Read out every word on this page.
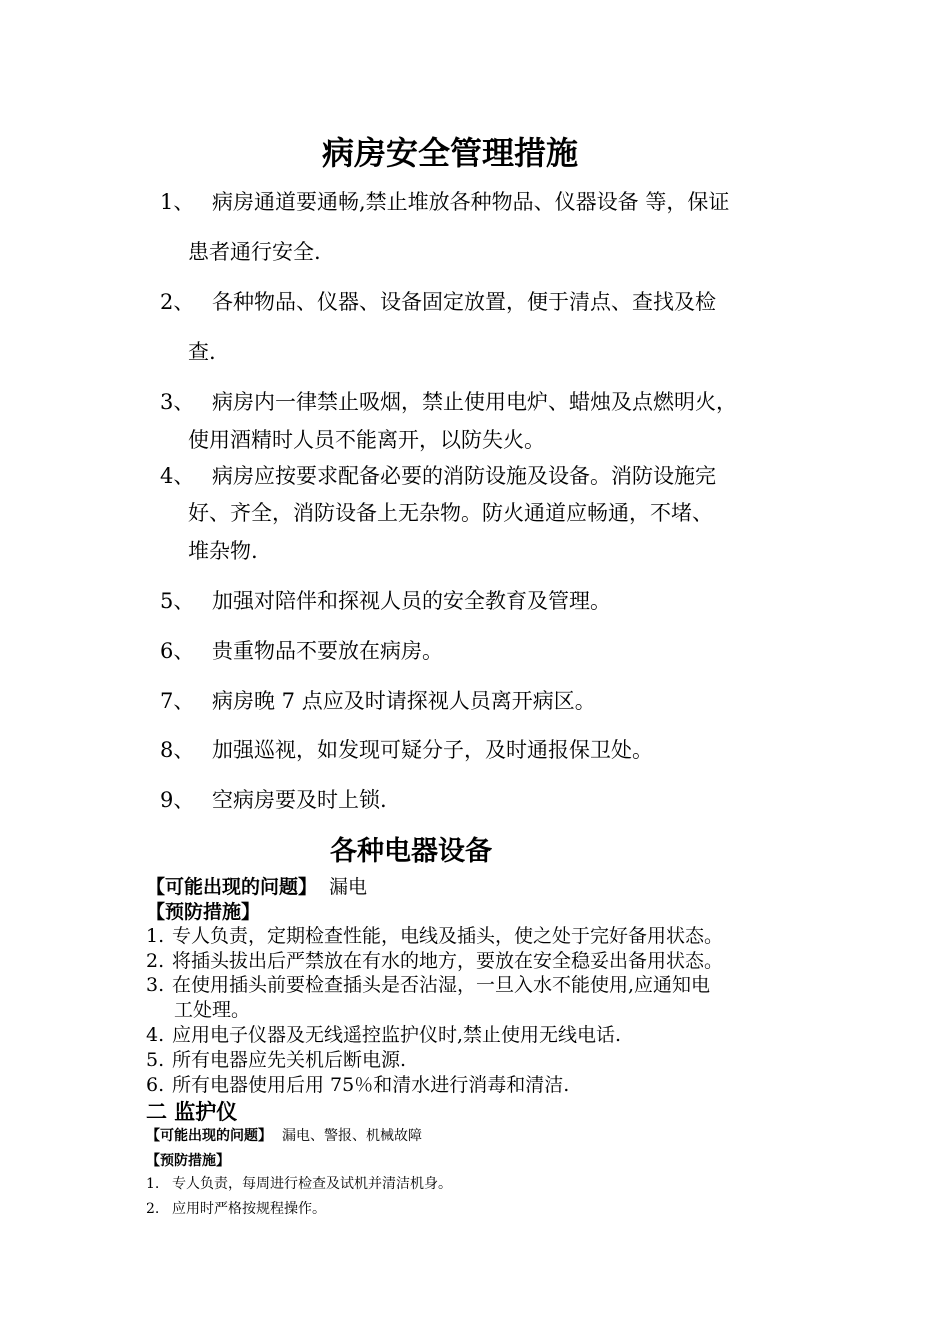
病房安全管理措施
1、 病房通道要通畅,禁止堆放各种物品、仪器设备 等，保证
患者通行安全.
2、 各种物品、仪器、设备固定放置，便于清点、查找及检
查.
3、 病房内一律禁止吸烟，禁止使用电炉、蜡烛及点燃明火，
使用酒精时人员不能离开，以防失火。
4、 病房应按要求配备必要的消防设施及设备。消防设施完
好、齐全，消防设备上无杂物。防火通道应畅通，不堵、
堆杂物.
5、 加强对陪伴和探视人员的安全教育及管理。
6、 贵重物品不要放在病房。
7、 病房晚 7 点应及时请探视人员离开病区。
8、 加强巡视，如发现可疑分子，及时通报保卫处。
9、 空病房要及时上锁.
各种电器设备
【可能出现的问题】 漏电
【预防措施】
1. 专人负责，定期检查性能，电线及插头，使之处于完好备用状态。
2. 将插头拔出后严禁放在有水的地方，要放在安全稳妥出备用状态。
3. 在使用插头前要检查插头是否沾湿，一旦入水不能使用,应通知电
工处理。
4. 应用电子仪器及无线遥控监护仪时,禁止使用无线电话.
5. 所有电器应先关机后断电源.
6. 所有电器使用后用 75％和清水进行消毒和清洁.
二 监护仪
【可能出现的问题】 漏电、警报、机械故障
【预防措施】
1. 专人负责，每周进行检查及试机并清洁机身。
2. 应用时严格按规程操作。
